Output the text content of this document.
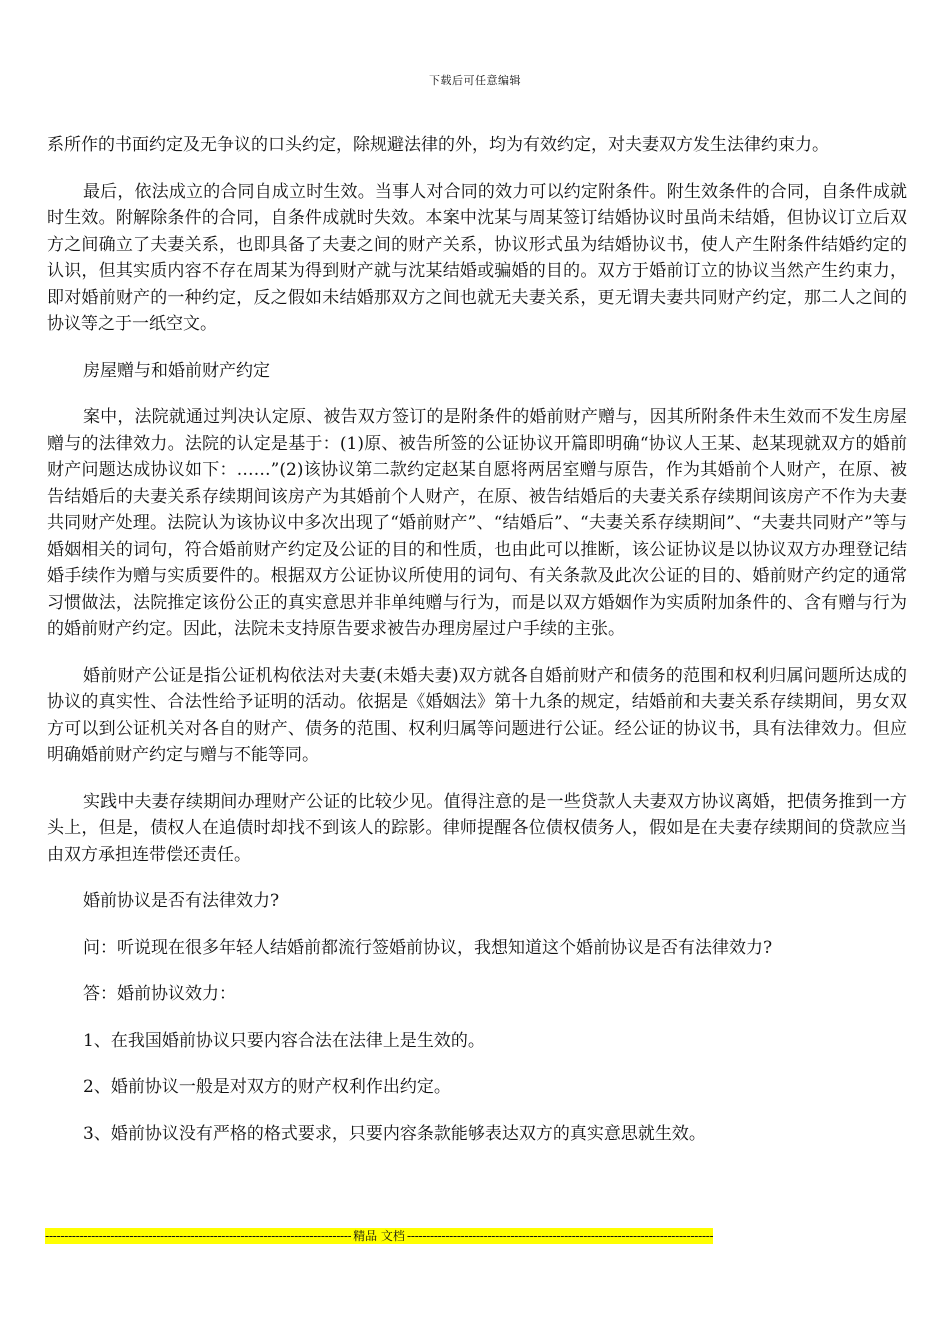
下载后可任意编辑

系所作的书面约定及无争议的口头约定，除规避法律的外，均为有效约定，对夫妻双方发生法律约束力。

最后，依法成立的合同自成立时生效。当事人对合同的效力可以约定附条件。附生效条件的合同，自条件成就时生效。附解除条件的合同，自条件成就时失效。本案中沈某与周某签订结婚协议时虽尚未结婚，但协议订立后双方之间确立了夫妻关系，也即具备了夫妻之间的财产关系，协议形式虽为结婚协议书，使人产生附条件结婚约定的认识，但其实质内容不存在周某为得到财产就与沈某结婚或骗婚的目的。双方于婚前订立的协议当然产生约束力，即对婚前财产的一种约定，反之假如未结婚那双方之间也就无夫妻关系，更无谓夫妻共同财产约定，那二人之间的协议等之于一纸空文。

房屋赠与和婚前财产约定

案中，法院就通过判决认定原、被告双方签订的是附条件的婚前财产赠与，因其所附条件未生效而不发生房屋赠与的法律效力。法院的认定是基于：(1)原、被告所签的公证协议开篇即明确“协议人王某、赵某现就双方的婚前财产问题达成协议如下：……”(2)该协议第二款约定赵某自愿将两居室赠与原告，作为其婚前个人财产，在原、被告结婚后的夫妻关系存续期间该房产为其婚前个人财产，在原、被告结婚后的夫妻关系存续期间该房产不作为夫妻共同财产处理。法院认为该协议中多次出现了“婚前财产”、“结婚后”、“夫妻关系存续期间”、“夫妻共同财产”等与婚姻相关的词句，符合婚前财产约定及公证的目的和性质，也由此可以推断，该公证协议是以协议双方办理登记结婚手续作为赠与实质要件的。根据双方公证协议所使用的词句、有关条款及此次公证的目的、婚前财产约定的通常习惯做法，法院推定该份公正的真实意思并非单纯赠与行为，而是以双方婚姻作为实质附加条件的、含有赠与行为的婚前财产约定。因此，法院未支持原告要求被告办理房屋过户手续的主张。

婚前财产公证是指公证机构依法对夫妻(未婚夫妻)双方就各自婚前财产和债务的范围和权利归属问题所达成的协议的真实性、合法性给予证明的活动。依据是《婚姻法》第十九条的规定，结婚前和夫妻关系存续期间，男女双方可以到公证机关对各自的财产、债务的范围、权利归属等问题进行公证。经公证的协议书，具有法律效力。但应明确婚前财产约定与赠与不能等同。

实践中夫妻存续期间办理财产公证的比较少见。值得注意的是一些贷款人夫妻双方协议离婚，把债务推到一方头上，但是，债权人在追债时却找不到该人的踪影。律师提醒各位债权债务人，假如是在夫妻存续期间的贷款应当由双方承担连带偿还责任。

婚前协议是否有法律效力?

问：听说现在很多年轻人结婚前都流行签婚前协议，我想知道这个婚前协议是否有法律效力?

答：婚前协议效力：

1、在我国婚前协议只要内容合法在法律上是生效的。

2、婚前协议一般是对双方的财产权利作出约定。

3、婚前协议没有严格的格式要求，只要内容条款能够表达双方的真实意思就生效。

-----
精品 文档
-----
